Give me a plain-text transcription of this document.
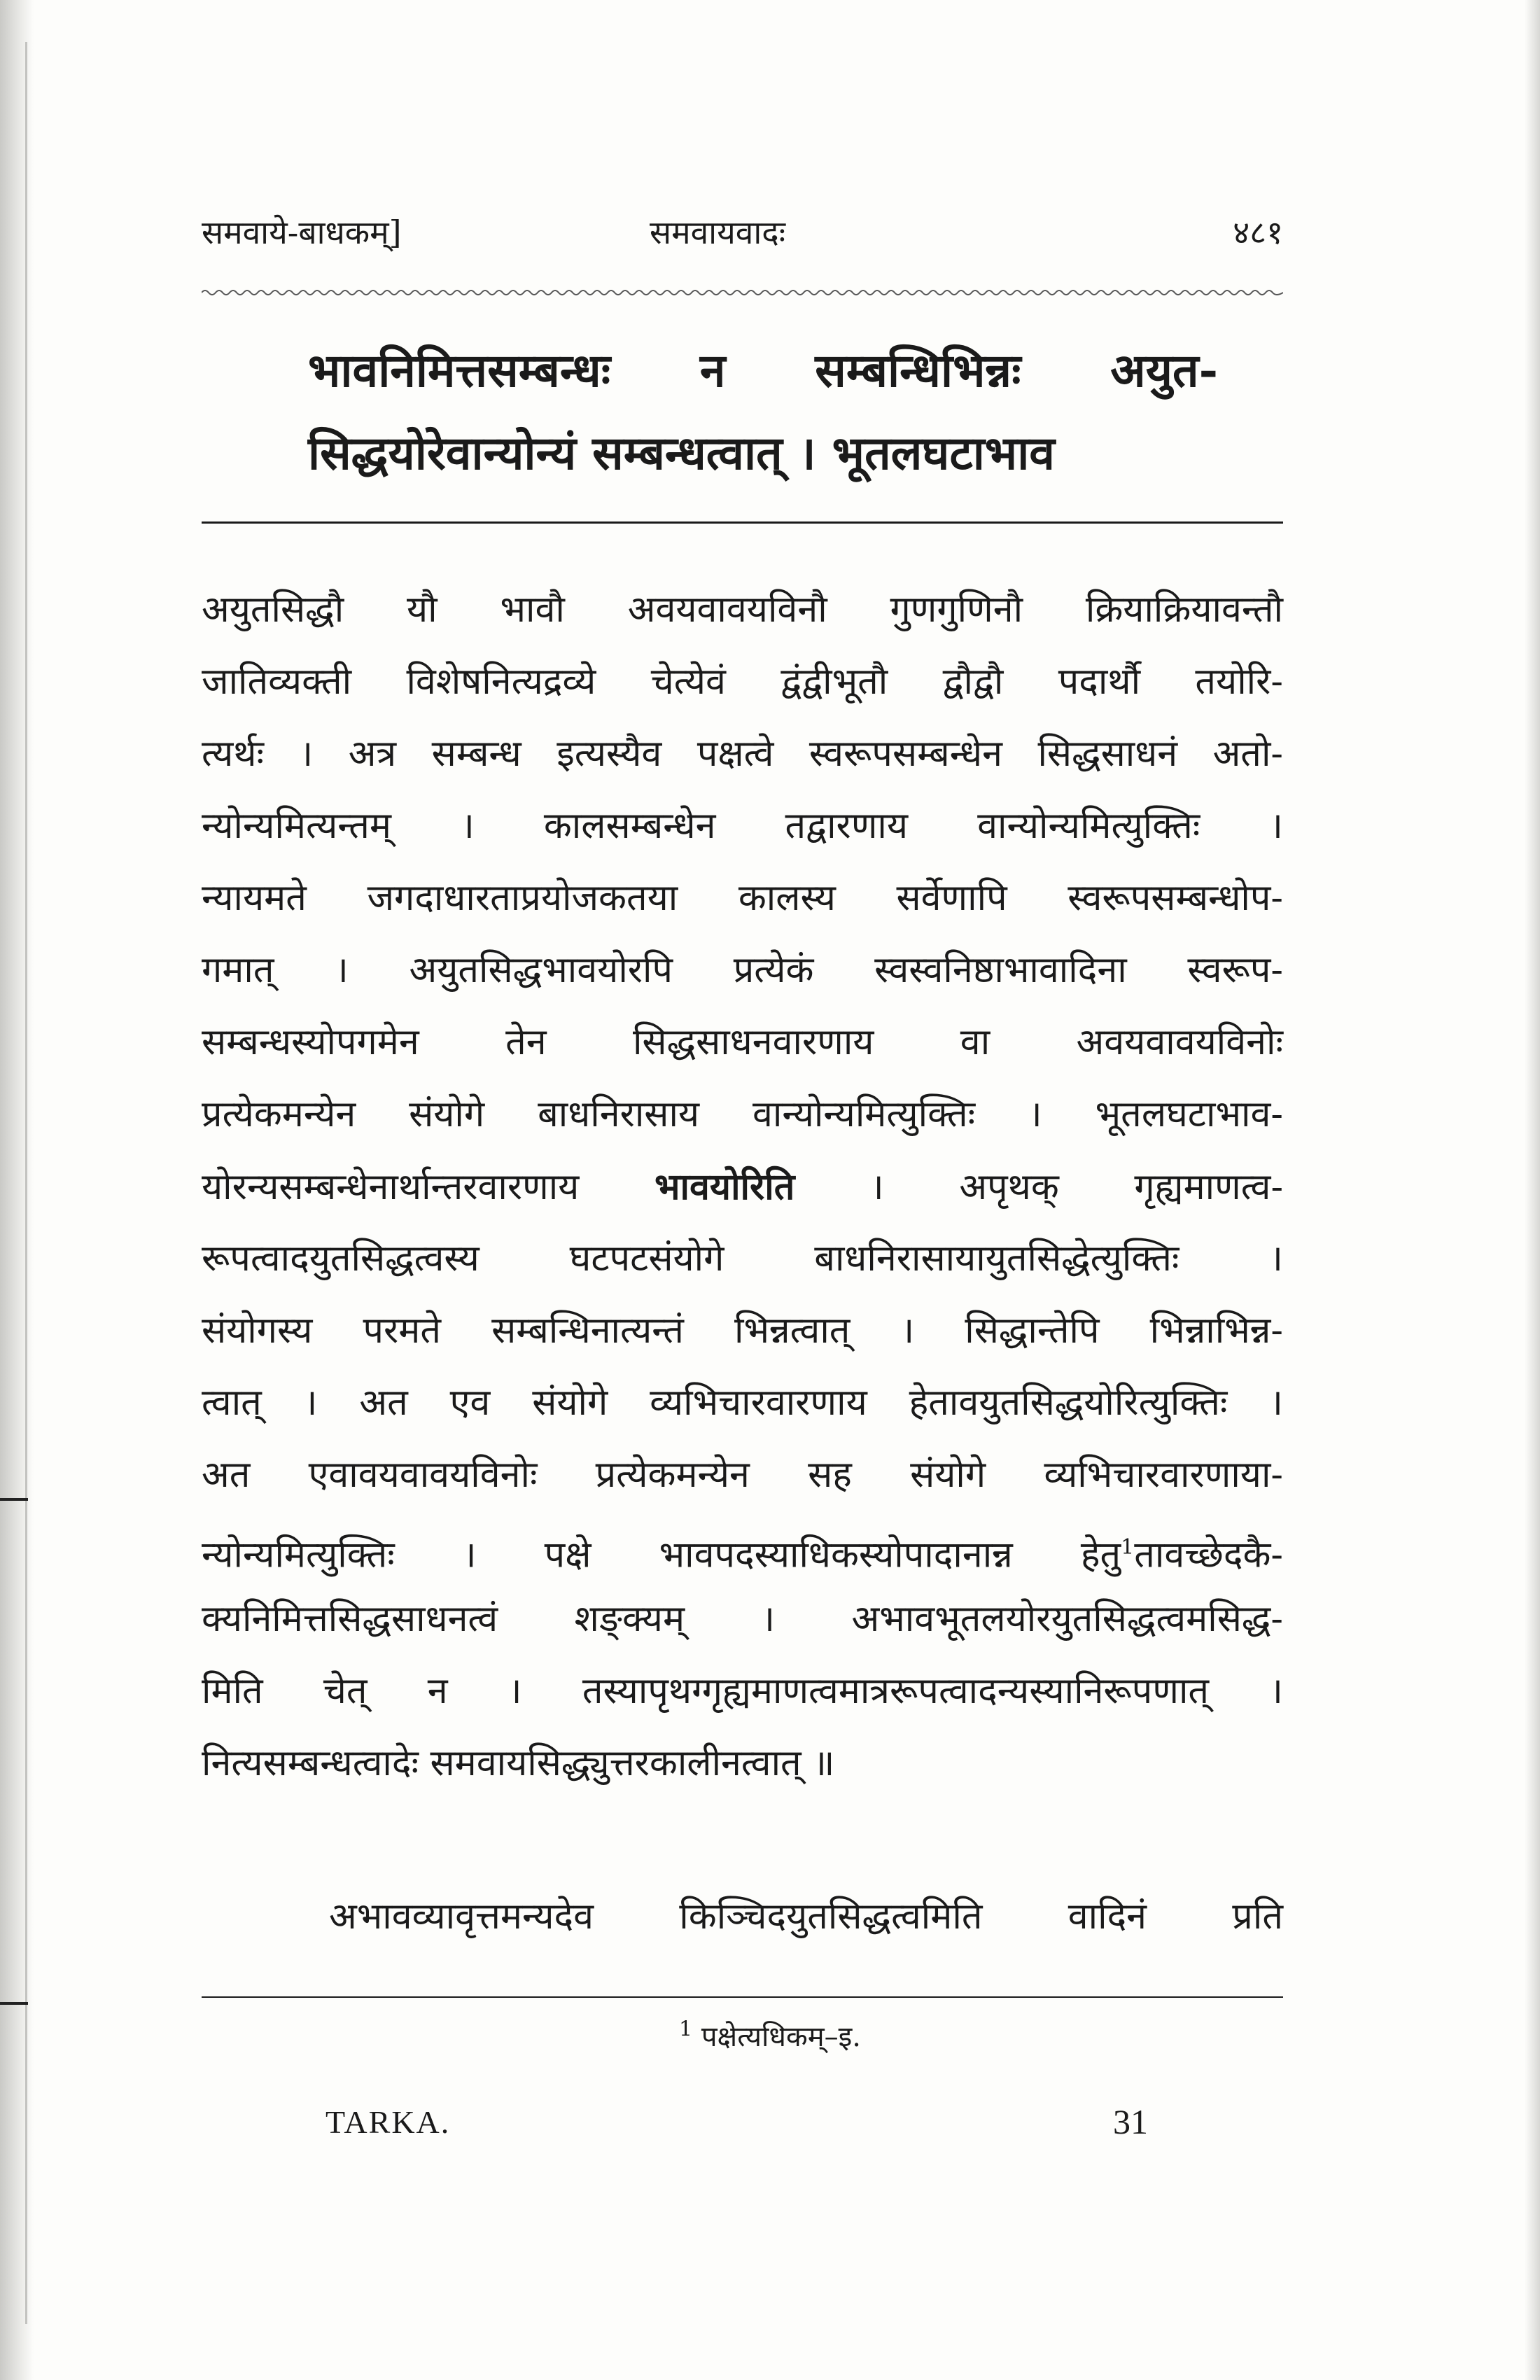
समवाये-बाधकम्]	समवायवादः	४८१
भावनिमित्तसम्बन्धः न सम्बन्धिभिन्नः अयुत-
सिद्धयोरेवान्योन्यं सम्बन्धत्वात् । भूतलघटाभाव
अयुतसिद्धौ यौ भावौ अवयवावयविनौ गुणगुणिनौ क्रियाक्रियावन्तौ
जातिव्यक्ती विशेषनित्यद्रव्ये चेत्येवं द्वंद्वीभूतौ द्वौद्वौ पदार्थौ तयोरि-
त्यर्थः । अत्र सम्बन्ध इत्यस्यैव पक्षत्वे स्वरूपसम्बन्धेन सिद्धसाधनं अतो-
न्योन्यमित्यन्तम् । कालसम्बन्धेन तद्वारणाय वान्योन्यमित्युक्तिः ।
न्यायमते जगदाधारताप्रयोजकतया कालस्य सर्वेणापि स्वरूपसम्बन्धोप-
गमात् । अयुतसिद्धभावयोरपि प्रत्येकं स्वस्वनिष्ठाभावादिना स्वरूप-
सम्बन्धस्योपगमेन तेन सिद्धसाधनवारणाय वा अवयवावयविनोः
प्रत्येकमन्येन संयोगे बाधनिरासाय वान्योन्यमित्युक्तिः । भूतलघटाभाव-
योरन्यसम्बन्धेनार्थान्तरवारणाय भावयोरिति । अपृथक् गृह्यमाणत्व-
रूपत्वादयुतसिद्धत्वस्य घटपटसंयोगे बाधनिरासायायुतसिद्धेत्युक्तिः ।
संयोगस्य परमते सम्बन्धिनात्यन्तं भिन्नत्वात् । सिद्धान्तेपि भिन्नाभिन्न-
त्वात् । अत एव संयोगे व्यभिचारवारणाय हेतावयुतसिद्धयोरित्युक्तिः ।
अत एवावयवावयविनोः प्रत्येकमन्येन सह संयोगे व्यभिचारवारणाया-
न्योन्यमित्युक्तिः । पक्षे भावपदस्याधिकस्योपादानान्न हेतु$^1$तावच्छेदकै-
क्यनिमित्तसिद्धसाधनत्वं शङ्क्यम् । अभावभूतलयोरयुतसिद्धत्वमसिद्ध-
मिति चेत् न । तस्यापृथग्गृह्यमाणत्वमात्ररूपत्वादन्यस्यानिरूपणात् ।
नित्यसम्बन्धत्वादेः समवायसिद्ध्युत्तरकालीनत्वात् ॥
अभावव्यावृत्तमन्यदेव किञ्चिदयुतसिद्धत्वमिति वादिनं प्रति
$^1$ पक्षेत्यधिकम्–इ.
TARKA.	31
